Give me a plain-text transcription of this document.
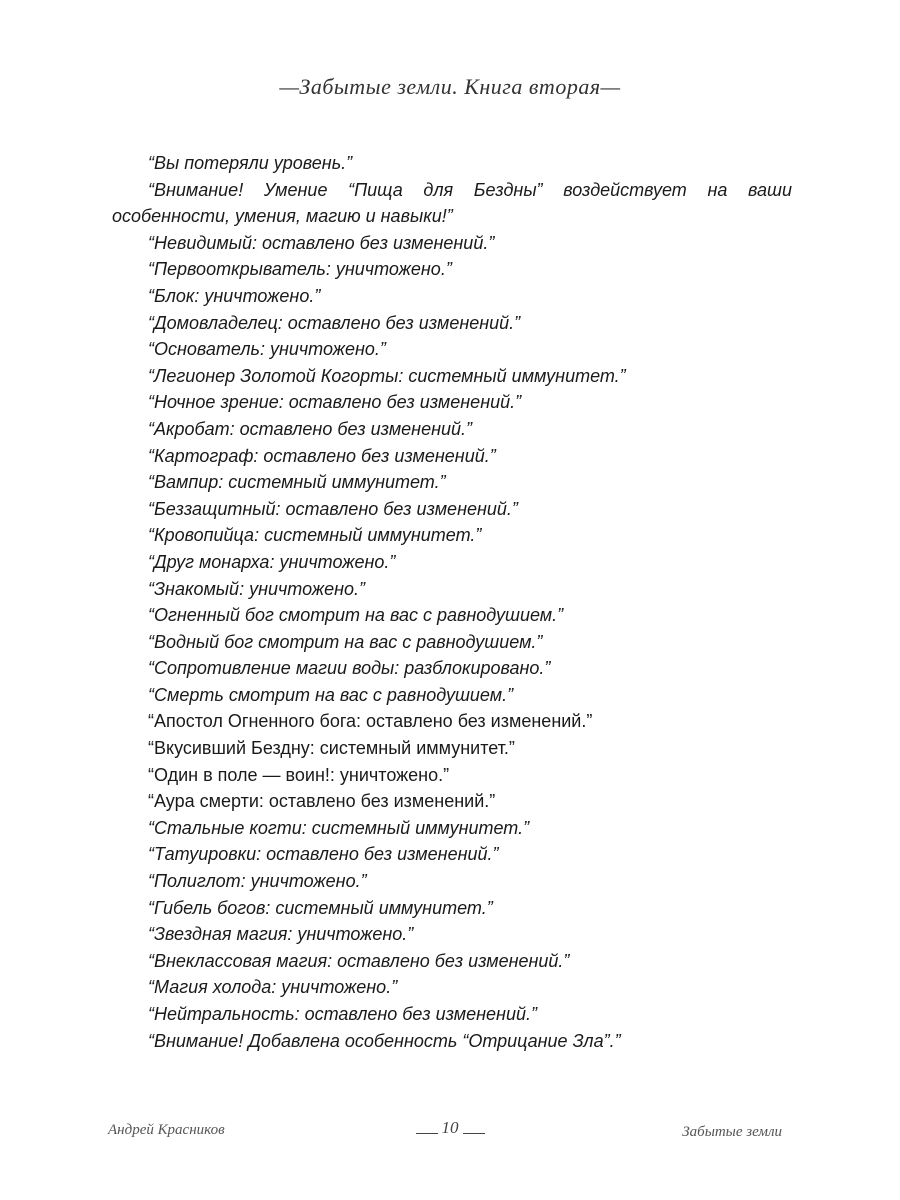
—Забытые земли. Книга вторая—

“Вы потеряли уровень.”

“Внимание! Умение “Пища для Бездны” воздействует на ваши особенности, умения, магию и навыки!”

“Невидимый: оставлено без изменений.”

“Первооткрыватель: уничтожено.”

“Блок: уничтожено.”

“Домовладелец: оставлено без изменений.”

“Основатель: уничтожено.”

“Легионер Золотой Когорты: системный иммунитет.”

“Ночное зрение: оставлено без изменений.”

“Акробат: оставлено без изменений.”

“Картограф: оставлено без изменений.”

“Вампир: системный иммунитет.”

“Беззащитный: оставлено без изменений.”

“Кровопийца: системный иммунитет.”

“Друг монарха: уничтожено.”

“Знакомый: уничтожено.”

“Огненный бог смотрит на вас с равнодушием.”

“Водный бог смотрит на вас с равнодушием.”

“Сопротивление магии воды: разблокировано.”

“Смерть смотрит на вас с равнодушием.”

“Апостол Огненного бога: оставлено без изменений.”

“Вкусивший Бездну: системный иммунитет.”

“Один в поле — воин!: уничтожено.”

“Аура смерти: оставлено без изменений.”

“Стальные когти: системный иммунитет.”

“Татуировки: оставлено без изменений.”

“Полиглот: уничтожено.”

“Гибель богов: системный иммунитет.”

“Звездная магия: уничтожено.”

“Внеклассовая магия: оставлено без изменений.”

“Магия холода: уничтожено.”

“Нейтральность: оставлено без изменений.”

“Внимание! Добавлена особенность “Отрицание Зла”.”

Андрей Красников	10	Забытые земли
